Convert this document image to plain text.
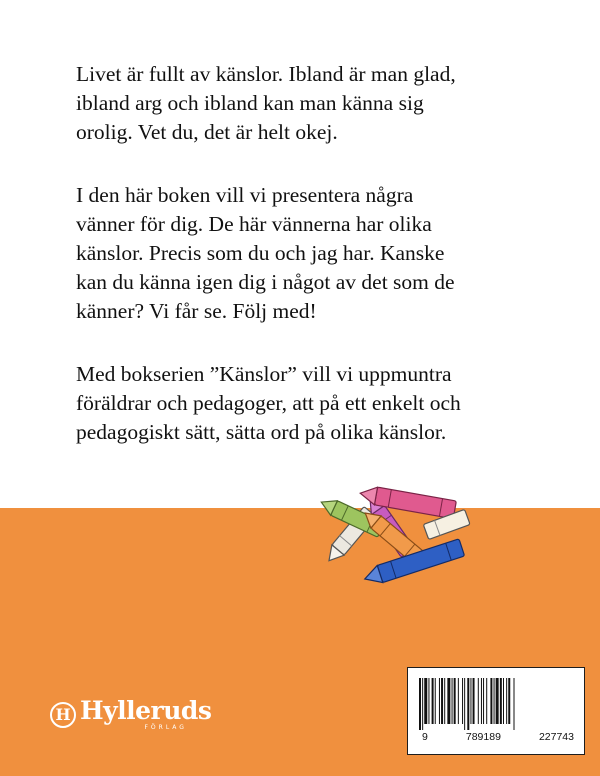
Livet är fullt av känslor. Ibland är man glad,
ibland arg och ibland kan man känna sig
orolig. Vet du, det är helt okej.

I den här boken vill vi presentera några
vänner för dig. De här vännerna har olika
känslor. Precis som du och jag har. Kanske
kan du känna igen dig i något av det som de
känner? Vi får se. Följ med!

Med bokserien ”Känslor” vill vi uppmuntra
föräldrar och pedagoger, att på ett enkelt och
pedagogiskt sätt, sätta ord på olika känslor.

H Hylleruds
FÖRLAG
9	789189	227743
